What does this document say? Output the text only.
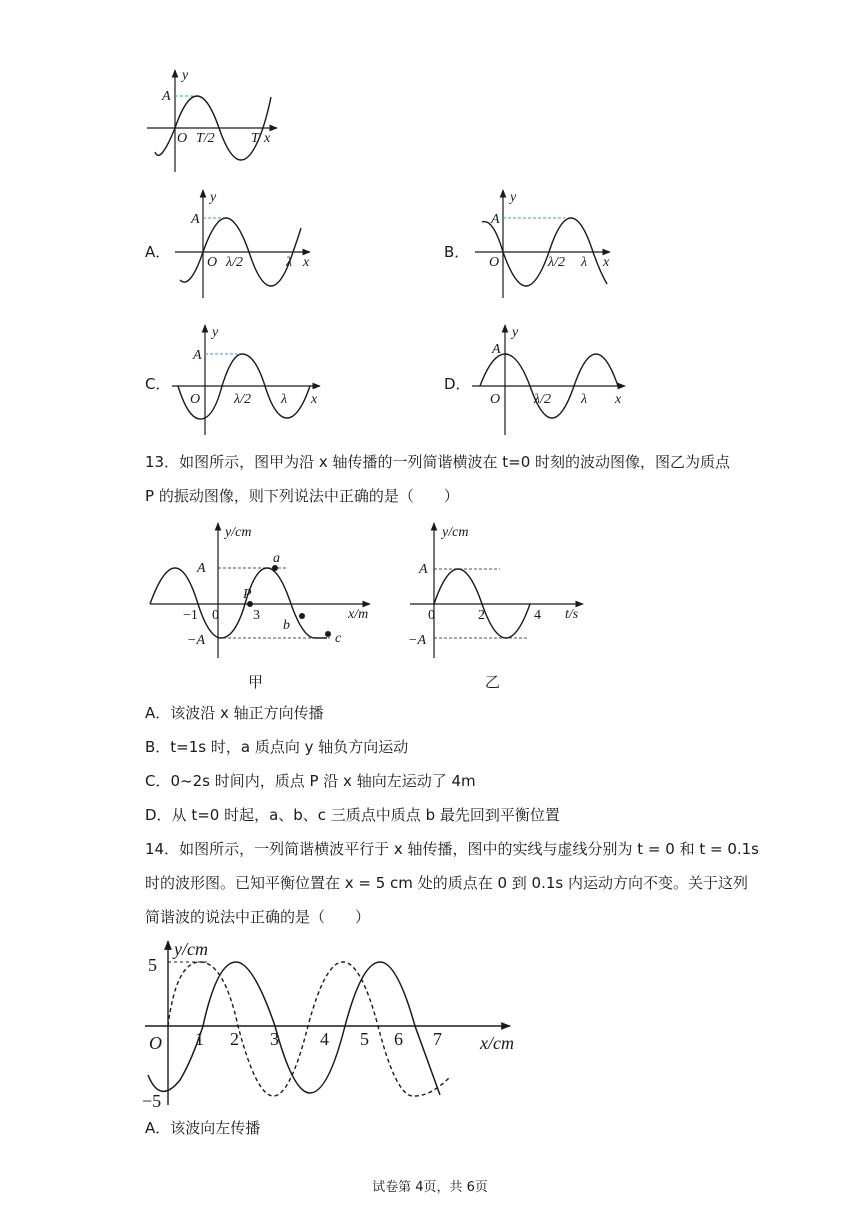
y
A
O T/2	T x
A．
y
A
O λ/2	λ x
B．
y
A
O	λ/2 λ x
C．
y
A
O λ/2 λ x
D．
y
A
O λ/2 λ x
13．如图所示，图甲为沿 x 轴传播的一列简谐横波在 t=0 时刻的波动图像，图乙为质点
P 的振动图像，则下列说法中正确的是（　　）
y/cm
A
−A
x/m
−1 0 3
a
b
c
P
甲
y/cm
A
−A
t/s
0	2	4
乙
A．该波沿 x 轴正方向传播
B．t=1s 时，a 质点向 y 轴负方向运动
C．0~2s 时间内，质点 P 沿 x 轴向左运动了 4m
D．从 t=0 时起，a、b、c 三质点中质点 b 最先回到平衡位置
14．如图所示，一列简谐横波平行于 x 轴传播，图中的实线与虚线分别为 t = 0 和 t = 0.1s
时的波形图。已知平衡位置在 x = 5 cm 处的质点在 0 到 0.1s 内运动方向不变。关于这列
简谐波的说法中正确的是（　　）
y/cm
5
−5
O	x/cm
1 2 3 4 5 6 7
A．该波向左传播
试卷第 4页，共 6页
